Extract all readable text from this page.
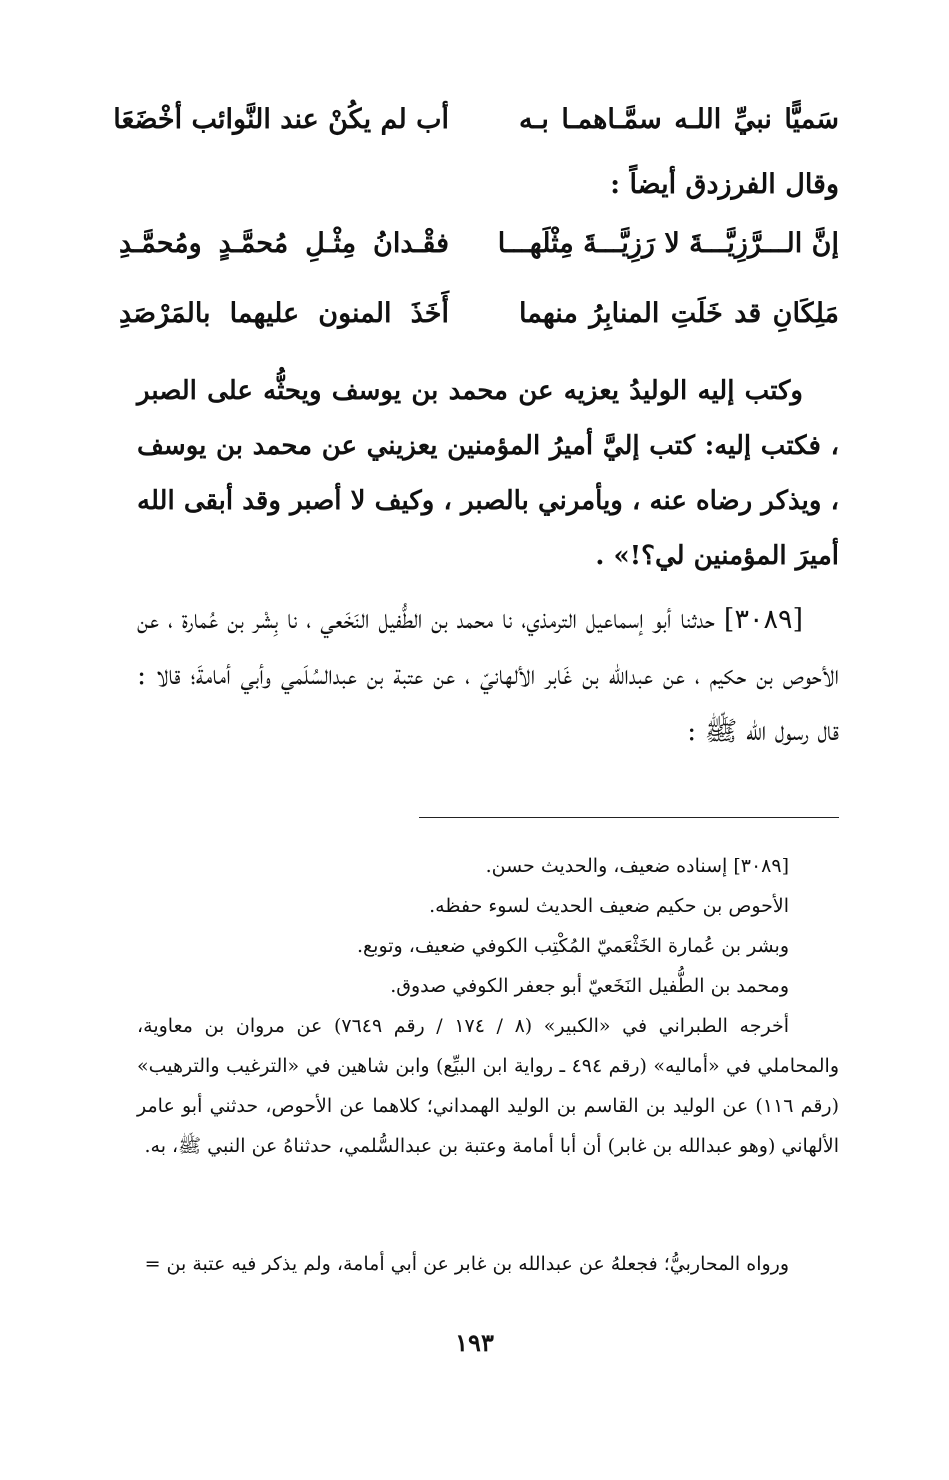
سَميًّا نبيِّ اللـه سمَّـاهمـا بـه
أب لم يكُنْ عند النَّوائب أخْضَعَا
وقال الفرزدق أيضاً :
إنَّ الـــرَّزِيَّـــةَ لا رَزِيَّـــةَ مِثْلَهـــا
فقْـدانُ مِثْـلِ مُحمَّـدٍ ومُحمَّـدِ
مَلِكَانِ قد خَلَتِ المنابِرُ منهما
أَخَذَ المنون عليهما بالمَرْصَدِ
وكتب إليه الوليدُ يعزيه عن محمد بن يوسف ويحثُّه على الصبر ، فكتب إليه: كتب إليَّ أميرُ المؤمنين يعزيني عن محمد بن يوسف ، ويذكر رضاه عنه ، ويأمرني بالصبر ، وكيف لا أصبر وقد أبقى الله أميرَ المؤمنين لي؟!» .
[٣٠٨٩] حدثنا أبو إسماعيل الترمذي، نا محمد بن الطُّفيل النَخَعي ، نا بِشْر بن عُمارة ، عن الأحوص بن حكيم ، عن عبدالله بن غَابر الألهانيّ ، عن عتبة بن عبدالسُلَمي وأبي أمامةَ؛ قالا : قال رسول الله ﷺ :
[٣٠٨٩] إسناده ضعيف، والحديث حسن.
الأحوص بن حكيم ضعيف الحديث لسوء حفظه.
وبشر بن عُمارة الخَثْعَميّ المُكْتِب الكوفي ضعيف، وتوبع.
ومحمد بن الطُّفيل النَخَعيّ أبو جعفر الكوفي صدوق.
أخرجه الطبراني في «الكبير» (٨ / ١٧٤ / رقم ٧٦٤٩) عن مروان بن معاوية، والمحاملي في «أماليه» (رقم ٤٩٤ ـ رواية ابن البيِّع) وابن شاهين في «الترغيب والترهيب» (رقم ١١٦) عن الوليد بن القاسم بن الوليد الهمداني؛ كلاهما عن الأحوص، حدثني أبو عامر الألهاني (وهو عبدالله بن غابر) أن أبا أمامة وعتبة بن عبدالسُّلمي، حدثناهُ عن النبي ﷺ، به.
ورواه المحاربيُّ؛ فجعلهُ عن عبدالله بن غابر عن أبي أمامة، ولم يذكر فيه عتبة بن =
١٩٣
